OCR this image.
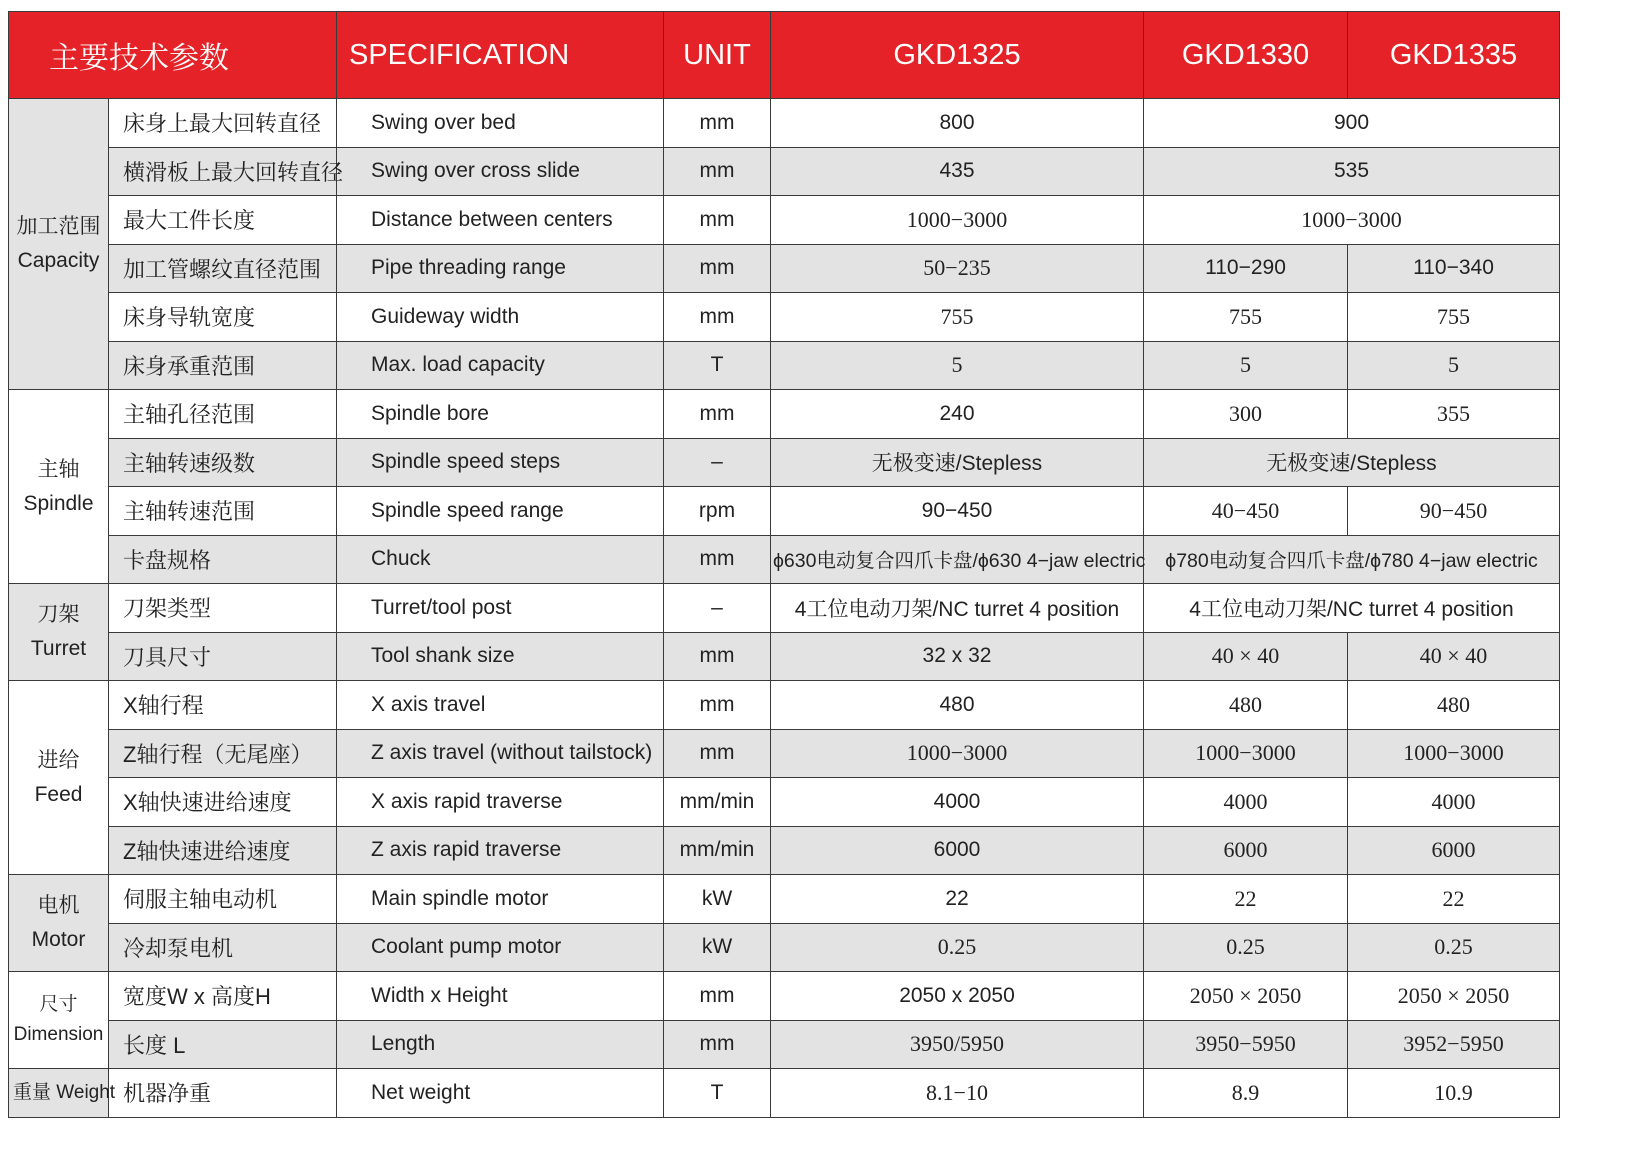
主要技术参数		SPECIFICATION	UNIT	GKD1325	GKD1330	GKD1335

加工范围
Capacity	床身上最大回转直径	Swing over bed	mm	800	900	
	横滑板上最大回转直径	Swing over cross slide	mm	435	535	
	最大工件长度	Distance between centers	mm	1000−3000	1000−3000	
	加工管螺纹直径范围	Pipe threading range	mm	50−235	110−290	110−340
	床身导轨宽度	Guideway width	mm	755	755	755
	床身承重范围	Max. load capacity	T	5	5	5

主轴
Spindle	主轴孔径范围	Spindle bore	mm	240	300	355
	主轴转速级数	Spindle speed steps	–	无极变速/Stepless	无极变速/Stepless	
	主轴转速范围	Spindle speed range	rpm	90−450	40−450	90−450
	卡盘规格	Chuck	mm	ϕ630电动复合四爪卡盘/ϕ630 4−jaw electric	ϕ780电动复合四爪卡盘/ϕ780 4−jaw electric	

刀架
Turret	刀架类型	Turret/tool post	–	4工位电动刀架/NC turret 4 position	4工位电动刀架/NC turret 4 position	
	刀具尺寸	Tool shank size	mm	32 x 32	40 × 40	40 × 40

进给
Feed	X轴行程	X axis travel	mm	480	480	480
	Z轴行程（无尾座）	Z axis travel (without tailstock)	mm	1000−3000	1000−3000	1000−3000
	X轴快速进给速度	X axis rapid traverse	mm/min	4000	4000	4000
	Z轴快速进给速度	Z axis rapid traverse	mm/min	6000	6000	6000

电机
Motor	伺服主轴电动机	Main spindle motor	kW	22	22	22
	冷却泵电机	Coolant pump motor	kW	0.25	0.25	0.25

尺寸
Dimension	宽度W x 高度H	Width x Height	mm	2050 x 2050	2050 × 2050	2050 × 2050
	长度 L	Length	mm	3950/5950	3950−5950	3952−5950
重量 Weight	机器净重	Net weight	T	8.1−10	8.9	10.9
